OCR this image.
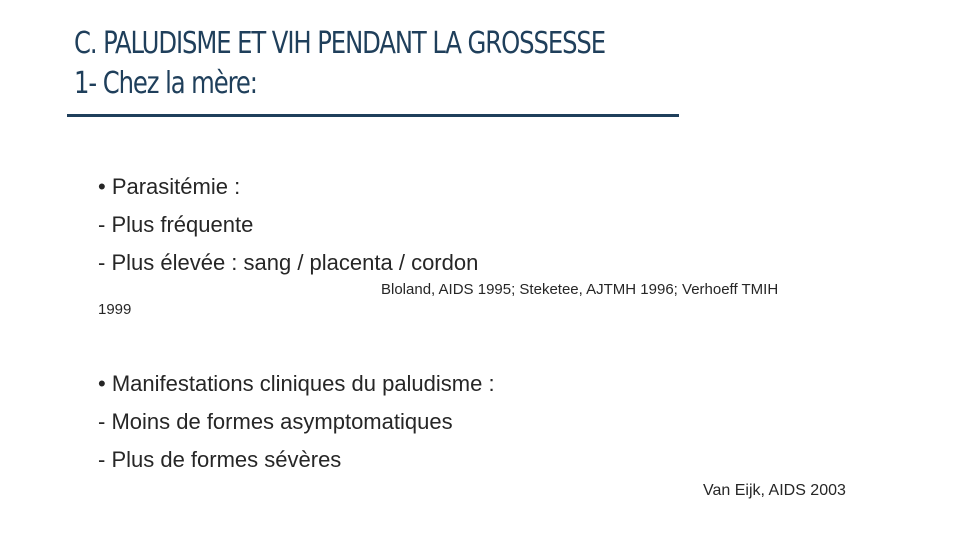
C. PALUDISME ET VIH PENDANT LA GROSSESSE
1- Chez la mère:
• Parasitémie :
- Plus fréquente
- Plus élevée : sang / placenta / cordon
Bloland, AIDS 1995; Steketee, AJTMH 1996; Verhoeff TMIH
1999
• Manifestations cliniques du paludisme :
- Moins de formes asymptomatiques
- Plus de formes sévères
Van Eijk, AIDS 2003
